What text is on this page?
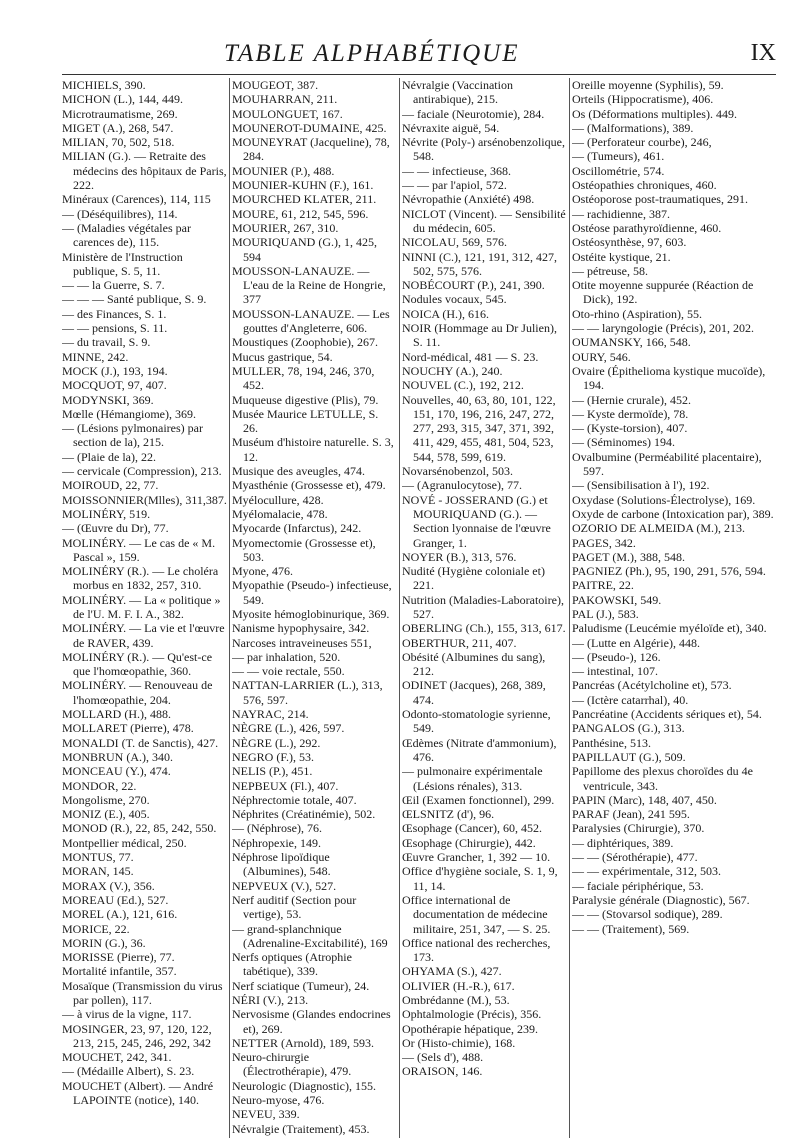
TABLE ALPHABÉTIQUE	IX
MICHIELS, 390.
MICHON (L.), 144, 449.
Microtraumatisme, 269.
MIGET (A.), 268, 547.
MILIAN, 70, 502, 518.
MILIAN (G.). — Retraite des médecins des hôpitaux de Paris, 222.
Minéraux (Carences), 114, 115
— (Déséquilibres), 114.
— (Maladies végétales par carences de), 115.
Ministère de l'Instruction publique, S. 5, 11.
— — la Guerre, S. 7.
— — — Santé publique, S. 9.
— des Finances, S. 1.
— — pensions, S. 11.
— du travail, S. 9.
MINNE, 242.
MOCK (J.), 193, 194.
MOCQUOT, 97, 407.
MODYNSKI, 369.
Mœlle (Hémangiome), 369.
— (Lésions pylmonaires) par section de la), 215.
— (Plaie de la), 22.
— cervicale (Compression), 213.
MOIROUD, 22, 77.
MOISSONNIER(Mlles), 311,387.
MOLINÉRY, 519.
— (Œuvre du Dr), 77.
MOLINÉRY. — Le cas de « M. Pascal », 159.
MOLINÉRY (R.). — Le choléra morbus en 1832, 257, 310.
MOLINÉRY. — La « politique » de l'U. M. F. I. A., 382.
MOLINÉRY. — La vie et l'œuvre de RAVER, 439.
MOLINÉRY (R.). — Qu'est-ce que l'homœopathie, 360.
MOLINÉRY. — Renouveau de l'homœopathie, 204.
MOLLARD (H.), 488.
MOLLARET (Pierre), 478.
MONALDI (T. de Sanctis), 427.
MONBRUN (A.), 340.
MONCEAU (Y.), 474.
MONDOR, 22.
Mongolisme, 270.
MONIZ (E.), 405.
MONOD (R.), 22, 85, 242, 550.
Montpellier médical, 250.
MONTUS, 77.
MORAN, 145.
MORAX (V.), 356.
MOREAU (Ed.), 527.
MOREL (A.), 121, 616.
MORICE, 22.
MORIN (G.), 36.
MORISSE (Pierre), 77.
Mortalité infantile, 357.
Mosaïque (Transmission du virus par pollen), 117.
— à virus de la vigne, 117.
MOSINGER, 23, 97, 120, 122, 213, 215, 245, 246, 292, 342
MOUCHET, 242, 341.
— (Médaille Albert), S. 23.
MOUCHET (Albert). — André LAPOINTE (notice), 140.
MOUGEOT, 387.
MOUHARRAN, 211.
MOULONGUET, 167.
MOUNEROT-DUMAINE, 425.
MOUNEYRAT (Jacqueline), 78, 284.
MOUNIER (P.), 488.
MOUNIER-KUHN (F.), 161.
MOURCHED KLATER, 211.
MOURE, 61, 212, 545, 596.
MOURIER, 267, 310.
MOURIQUAND (G.), 1, 425, 594
MOUSSON-LANAUZE. — L'eau de la Reine de Hongrie, 377
MOUSSON-LANAUZE. — Les gouttes d'Angleterre, 606.
Moustiques (Zoophobie), 267.
Mucus gastrique, 54.
MULLER, 78, 194, 246, 370, 452.
Muqueuse digestive (Plis), 79.
Musée Maurice LETULLE, S. 26.
Muséum d'histoire naturelle. S. 3, 12.
Musique des aveugles, 474.
Myasthénie (Grossesse et), 479.
Myélocullure, 428.
Myélomalacie, 478.
Myocarde (Infarctus), 242.
Myomectomie (Grossesse et), 503.
Myone, 476.
Myopathie (Pseudo-) infectieuse, 549.
Myosite hémoglobinurique, 369.
Nanisme hypophysaire, 342.
Narcoses intraveineuses 551,
— par inhalation, 520.
— — voie rectale, 550.
NATTAN-LARRIER (L.), 313, 576, 597.
NAYRAC, 214.
NÈGRE (L.), 426, 597.
NÈGRE (L.), 292.
NEGRO (F.), 53.
NELIS (P.), 451.
NEPBEUX (Fl.), 407.
Néphrectomie totale, 407.
Néphrites (Créatinémie), 502.
— (Néphrose), 76.
Néphropexie, 149.
Néphrose lipoïdique (Albumines), 548.
NEPVEUX (V.), 527.
Nerf auditif (Section pour vertige), 53.
— grand-splanchnique (Adrenaline-Excitabilité), 169
Nerfs optiques (Atrophie tabétique), 339.
Nerf sciatique (Tumeur), 24.
NÉRI (V.), 213.
Nervosisme (Glandes endocrines et), 269.
NETTER (Arnold), 189, 593.
Neuro-chirurgie (Électrothérapie), 479.
Neurologic (Diagnostic), 155.
Neuro-myose, 476.
NEVEU, 339.
Névralgie (Traitement), 453.
Névralgie (Vaccination antirabique), 215.
— faciale (Neurotomie), 284.
Névraxite aiguë, 54.
Névrite (Poly-) arsénobenzolique, 548.
— — infectieuse, 368.
— — par l'apiol, 572.
Névropathie (Anxiété) 498.
NICLOT (Vincent). — Sensibilité du médecin, 605.
NICOLAU, 569, 576.
NINNI (C.), 121, 191, 312, 427, 502, 575, 576.
NOBÉCOURT (P.), 241, 390.
Nodules vocaux, 545.
NOICA (H.), 616.
NOIR (Hommage au Dr Julien), S. 11.
Nord-médical, 481 — S. 23.
NOUCHY (A.), 240.
NOUVEL (C.), 192, 212.
Nouvelles, 40, 63, 80, 101, 122, 151, 170, 196, 216, 247, 272, 277, 293, 315, 347, 371, 392, 411, 429, 455, 481, 504, 523, 544, 578, 599, 619.
Novarsénobenzol, 503.
— (Agranulocytose), 77.
NOVÉ - JOSSERAND (G.) et MOURIQUAND (G.). — Section lyonnaise de l'œuvre Granger, 1.
NOYER (B.), 313, 576.
Nudité (Hygiène coloniale et) 221.
Nutrition (Maladies-Laboratoire), 527.
OBERLING (Ch.), 155, 313, 617.
OBERTHUR, 211, 407.
Obésité (Albumines du sang), 212.
ODINET (Jacques), 268, 389, 474.
Odonto-stomatologie syrienne, 549.
Œdèmes (Nitrate d'ammonium), 476.
— pulmonaire expérimentale (Lésions rénales), 313.
Œil (Examen fonctionnel), 299.
ŒLSNITZ (d'), 96.
Œsophage (Cancer), 60, 452.
Œsophage (Chirurgie), 442.
Œuvre Grancher, 1, 392 — 10.
Office d'hygiène sociale, S. 1, 9, 11, 14.
Office international de documentation de médecine militaire, 251, 347, — S. 25.
Office national des recherches, 173.
OHYAMA (S.), 427.
OLIVIER (H.-R.), 617.
Ombrédanne (M.), 53.
Ophtalmologie (Précis), 356.
Opothérapie hépatique, 239.
Or (Histo-chimie), 168.
— (Sels d'), 488.
ORAISON, 146.
Oreille moyenne (Syphilis), 59.
Orteils (Hippocratisme), 406.
Os (Déformations multiples). 449.
— (Malformations), 389.
— (Perforateur courbe), 246,
— (Tumeurs), 461.
Oscillométrie, 574.
Ostéopathies chroniques, 460.
Ostéoporose post-traumatiques, 291.
— rachidienne, 387.
Ostéose parathyroïdienne, 460.
Ostéosynthèse, 97, 603.
Ostéite kystique, 21.
— pétreuse, 58.
Otite moyenne suppurée (Réaction de Dick), 192.
Oto-rhino (Aspiration), 55.
— — laryngologie (Précis), 201, 202.
OUMANSKY, 166, 548.
OURY, 546.
Ovaire (Épithelioma kystique mucoïde), 194.
— (Hernie crurale), 452.
— Kyste dermoïde), 78.
— (Kyste-torsion), 407.
— (Séminomes) 194.
Ovalbumine (Perméabilité placentaire), 597.
— (Sensibilisation à l'), 192.
Oxydase (Solutions-Électrolyse), 169.
Oxyde de carbone (Intoxication par), 389.
OZORIO DE ALMEIDA (M.), 213.
PAGES, 342.
PAGET (M.), 388, 548.
PAGNIEZ (Ph.), 95, 190, 291, 576, 594.
PAITRE, 22.
PAKOWSKI, 549.
PAL (J.), 583.
Paludisme (Leucémie myéloïde et), 340.
— (Lutte en Algérie), 448.
— (Pseudo-), 126.
— intestinal, 107.
Pancréas (Acétylcholine et), 573.
— (Ictère catarrhal), 40.
Pancréatine (Accidents sériques et), 54.
PANGALOS (G.), 313.
Panthésine, 513.
PAPILLAUT (G.), 509.
Papillome des plexus choroïdes du 4e ventricule, 343.
PAPIN (Marc), 148, 407, 450.
PARAF (Jean), 241 595.
Paralysies (Chirurgie), 370.
— diphtériques, 389.
— — (Sérothérapie), 477.
— — expérimentale, 312, 503.
— faciale périphérique, 53.
Paralysie générale (Diagnostic), 567.
— — (Stovarsol sodique), 289.
— — (Traitement), 569.
